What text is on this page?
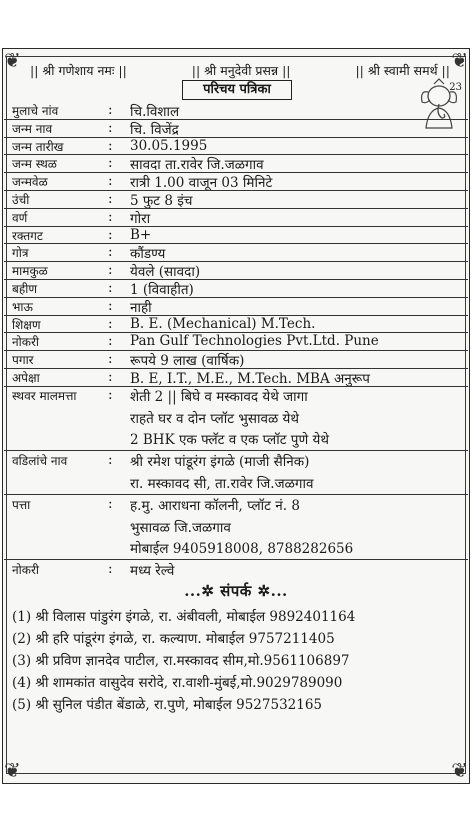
❦	❦
❦	❦
|| श्री गणेशाय नमः ||	|| श्री मनुदेवी प्रसन्न ||	|| श्री स्वामी समर्थ ||
परिचय पत्रिका	23
मुलाचे नांव	: चि.विशाल
जन्म नाव	: चि. विजेंद्र
जन्म तारीख	: 30.05.1995
जन्म स्थळ	: सावदा ता.रावेर जि.जळगाव
जन्मवेळ	: रात्री 1.00 वाजून 03 मिनिटे
उंची	: 5 फुट 8 इंच
वर्ण	: गोरा
रक्तगट	: B+
गोत्र	: कौंडण्य
मामकुळ	: येवले (सावदा)
बहीण	: 1 (विवाहीत)
भाऊ	: नाही
शिक्षण	: B. E. (Mechanical) M.Tech.
नोकरी	: Pan Gulf Technologies Pvt.Ltd. Pune
पगार	: रूपये 9 लाख (वार्षिक)
अपेक्षा	: B. E, I.T., M.E., M.Tech. MBA अनुरूप
स्थवर मालमत्ता : शेती 2 || बिघे व मस्कावद येथे जागा
राहते घर व दोन प्लॉट भुसावळ येथे
2 BHK एक फ्लॅट व एक प्लॉट पुणे येथे
वडिलांचे नाव	: श्री रमेश पांडूरंग इंगळे (माजी सैनिक)
रा. मस्कावद सी, ता.रावेर जि.जळगाव
पत्ता	: ह.मु. आराधना कॉलनी, प्लॉट नं. 8
भुसावळ जि.जळगाव
मोबाईल 9405918008, 8788282656
नोकरी	: मध्य रेल्वे
...✲ संपर्क ✲...
(1) श्री विलास पांडुरंग इंगळे, रा. अंबीवली, मोबाईल 9892401164
(2) श्री हरि पांडूरंग इंगळे, रा. कल्याण. मोबाईल 9757211405
(3) श्री प्रविण ज्ञानदेव पाटील, रा.मस्कावद सीम,मो.9561106897
(4) श्री शामकांत वासुदेव सरोदे, रा.वाशी-मुंबई,मो.9029789090
(5) श्री सुनिल पंडीत बेंडाळे, रा.पुणे, मोबाईल 9527532165
